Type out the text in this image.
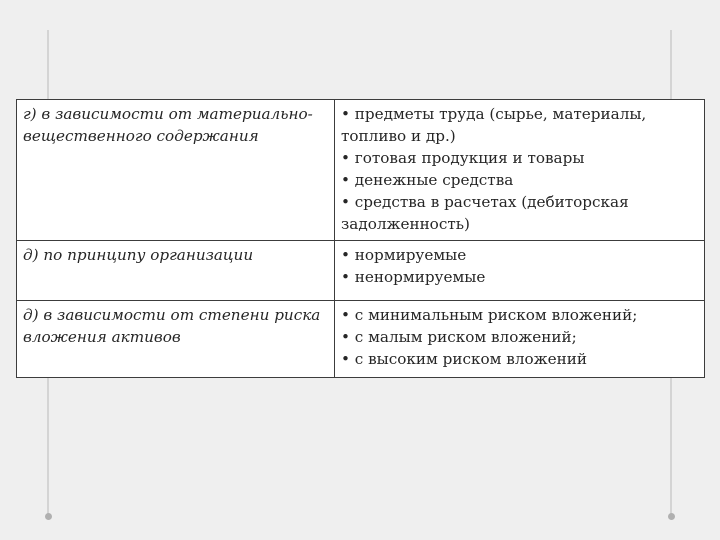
г) в зависимости от материально-вещественного содержания	• предметы труда (сырье, материалы, топливо и др.)
• готовая продукция и товары
• денежные средства
• средства в расчетах (дебиторская задолженность)

д) по принципу организации	• нормируемые
• ненормируемые

д) в зависимости от степени риска вложения активов	• с минимальным риском вложений;
• с малым риском вложений;
• с высоким риском вложений
